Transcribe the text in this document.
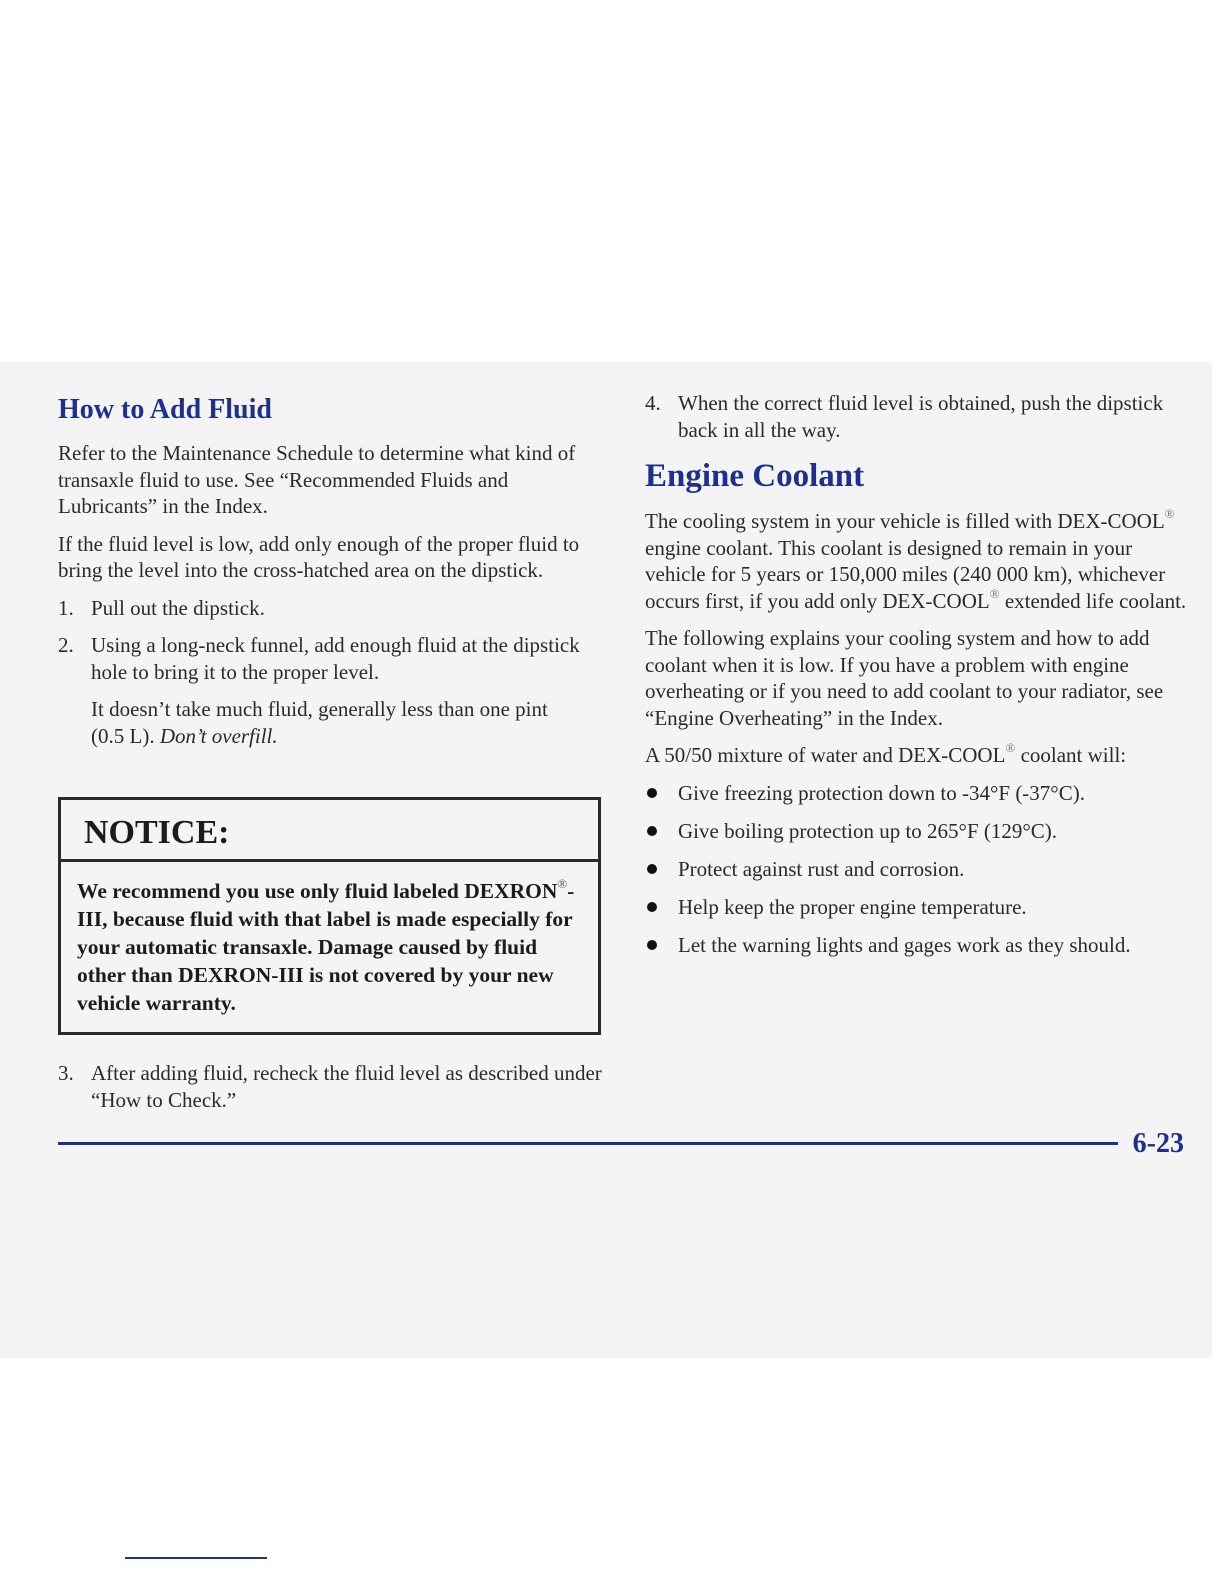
How to Add Fluid

Refer to the Maintenance Schedule to determine what kind of transaxle fluid to use. See “Recommended Fluids and Lubricants” in the Index.

If the fluid level is low, add only enough of the proper fluid to bring the level into the cross-hatched area on the dipstick.

1. Pull out the dipstick.
2. Using a long-neck funnel, add enough fluid at the dipstick hole to bring it to the proper level.

It doesn’t take much fluid, generally less than one pint (0.5 L). Don’t overfill.

NOTICE:
We recommend you use only fluid labeled DEXRON®-III, because fluid with that label is made especially for your automatic transaxle. Damage caused by fluid other than DEXRON-III is not covered by your new vehicle warranty.
3. After adding fluid, recheck the fluid level as described under “How to Check.”
4. When the correct fluid level is obtained, push the dipstick back in all the way.
Engine Coolant

The cooling system in your vehicle is filled with DEX-COOL® engine coolant. This coolant is designed to remain in your vehicle for 5 years or 150,000 miles (240 000 km), whichever occurs first, if you add only DEX-COOL® extended life coolant.

The following explains your cooling system and how to add coolant when it is low. If you have a problem with engine overheating or if you need to add coolant to your radiator, see “Engine Overheating” in the Index.

A 50/50 mixture of water and DEX-COOL® coolant will:

Give freezing protection down to -34°F (-37°C).
Give boiling protection up to 265°F (129°C).
Protect against rust and corrosion.
Help keep the proper engine temperature.
Let the warning lights and gages work as they should.
6-23
